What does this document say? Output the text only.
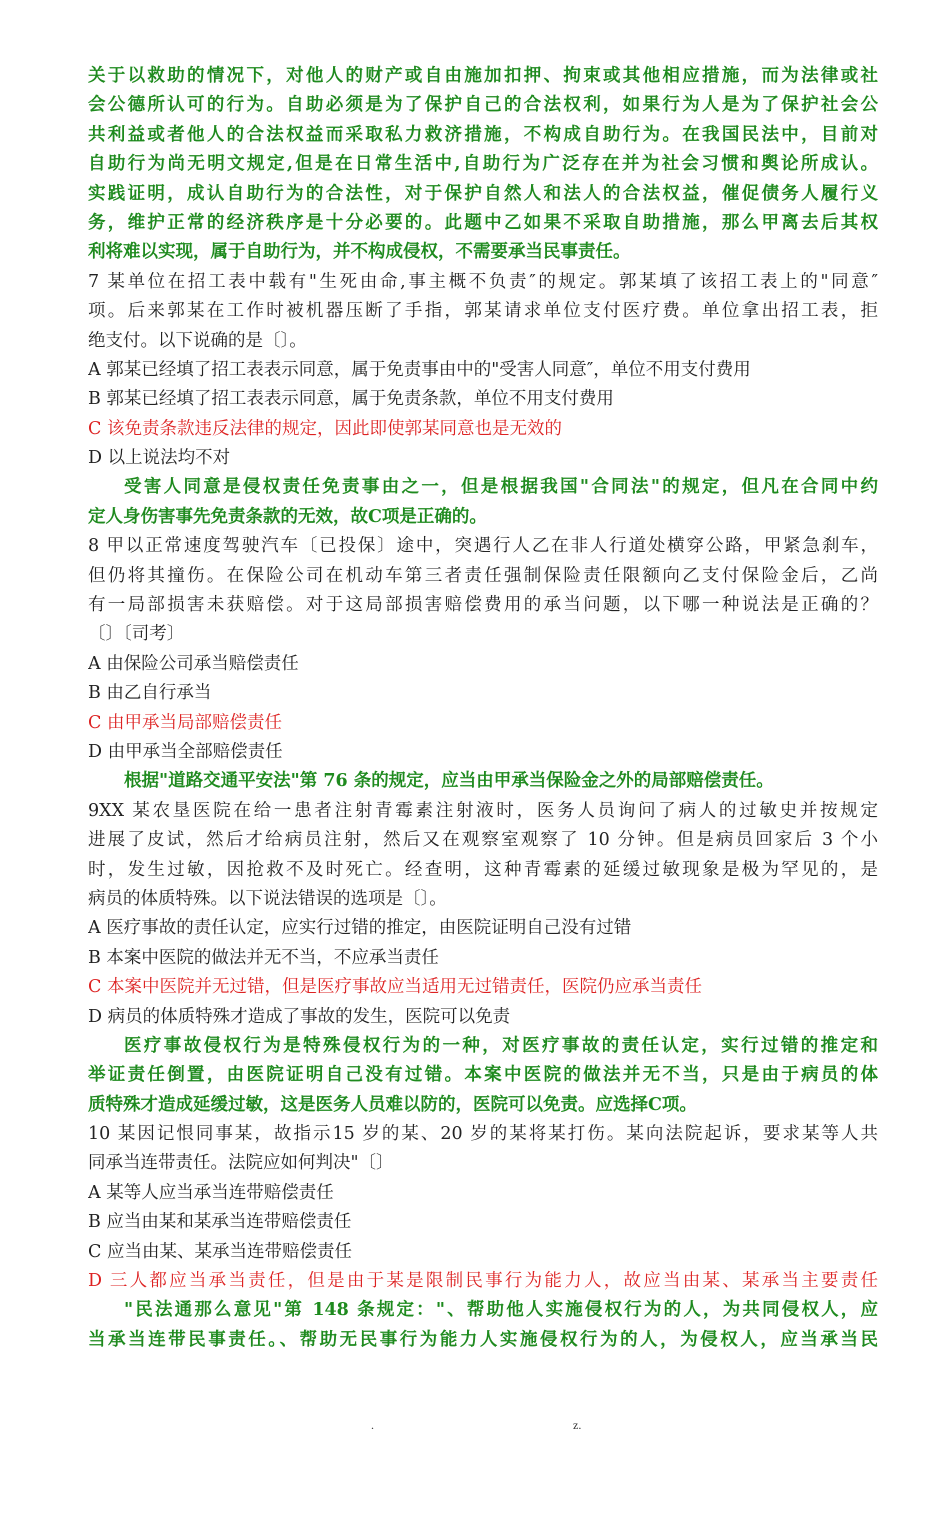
关于以救助的情况下，对他人的财产或自由施加扣押、拘束或其他相应措施，而为法律或社
会公德所认可的行为。自助必须是为了保护自己的合法权利，如果行为人是为了保护社会公
共利益或者他人的合法权益而采取私力救济措施，不构成自助行为。在我国民法中，目前对
自助行为尚无明文规定,但是在日常生活中,自助行为广泛存在并为社会习惯和舆论所成认。
实践证明，成认自助行为的合法性，对于保护自然人和法人的合法权益，催促债务人履行义
务，维护正常的经济秩序是十分必要的。此题中乙如果不采取自助措施，那么甲离去后其权
利将难以实现，属于自助行为，并不构成侵权，不需要承当民事责任。
7 某单位在招工表中载有"生死由命,事主概不负责″的规定。郭某填了该招工表上的"同意″
项。后来郭某在工作时被机器压断了手指，郭某请求单位支付医疗费。单位拿出招工表，拒
绝支付。以下说确的是〔〕。
A 郭某已经填了招工表表示同意，属于免责事由中的"受害人同意″，单位不用支付费用
B 郭某已经填了招工表表示同意，属于免责条款，单位不用支付费用
C 该免责条款违反法律的规定，因此即使郭某同意也是无效的
D 以上说法均不对
受害人同意是侵权责任免责事由之一，但是根据我国"合同法"的规定，但凡在合同中约
定人身伤害事先免责条款的无效，故C项是正确的。
8 甲以正常速度驾驶汽车〔已投保〕途中，突遇行人乙在非人行道处横穿公路，甲紧急刹车，
但仍将其撞伤。在保险公司在机动车第三者责任强制保险责任限额向乙支付保险金后，乙尚
有一局部损害未获赔偿。对于这局部损害赔偿费用的承当问题，以下哪一种说法是正确的？
〔〕〔司考〕
A 由保险公司承当赔偿责任
B 由乙自行承当
C 由甲承当局部赔偿责任
D 由甲承当全部赔偿责任
根据"道路交通平安法"第 76 条的规定，应当由甲承当保险金之外的局部赔偿责任。
9XX 某农垦医院在给一患者注射青霉素注射液时，医务人员询问了病人的过敏史并按规定
进展了皮试，然后才给病员注射，然后又在观察室观察了 10 分钟。但是病员回家后 3 个小
时，发生过敏，因抢救不及时死亡。经查明，这种青霉素的延缓过敏现象是极为罕见的，是
病员的体质特殊。以下说法错误的选项是〔〕。
A 医疗事故的责任认定，应实行过错的推定，由医院证明自己没有过错
B 本案中医院的做法并无不当，不应承当责任
C 本案中医院并无过错，但是医疗事故应当适用无过错责任，医院仍应承当责任
D 病员的体质特殊才造成了事故的发生，医院可以免责
医疗事故侵权行为是特殊侵权行为的一种，对医疗事故的责任认定，实行过错的推定和
举证责任倒置，由医院证明自己没有过错。本案中医院的做法并无不当，只是由于病员的体
质特殊才造成延缓过敏，这是医务人员难以防的，医院可以免责。应选择C项。
10 某因记恨同事某，故指示15 岁的某、20 岁的某将某打伤。某向法院起诉，要求某等人共
同承当连带责任。法院应如何判决"〔〕
A 某等人应当承当连带赔偿责任
B 应当由某和某承当连带赔偿责任
C 应当由某、某承当连带赔偿责任
D 三人都应当承当责任，但是由于某是限制民事行为能力人，故应当由某、某承当主要责任
"民法通那么意见"第 148 条规定："、帮助他人实施侵权行为的人，为共同侵权人，应
当承当连带民事责任。、帮助无民事行为能力人实施侵权行为的人，为侵权人，应当承当民
.	z.
